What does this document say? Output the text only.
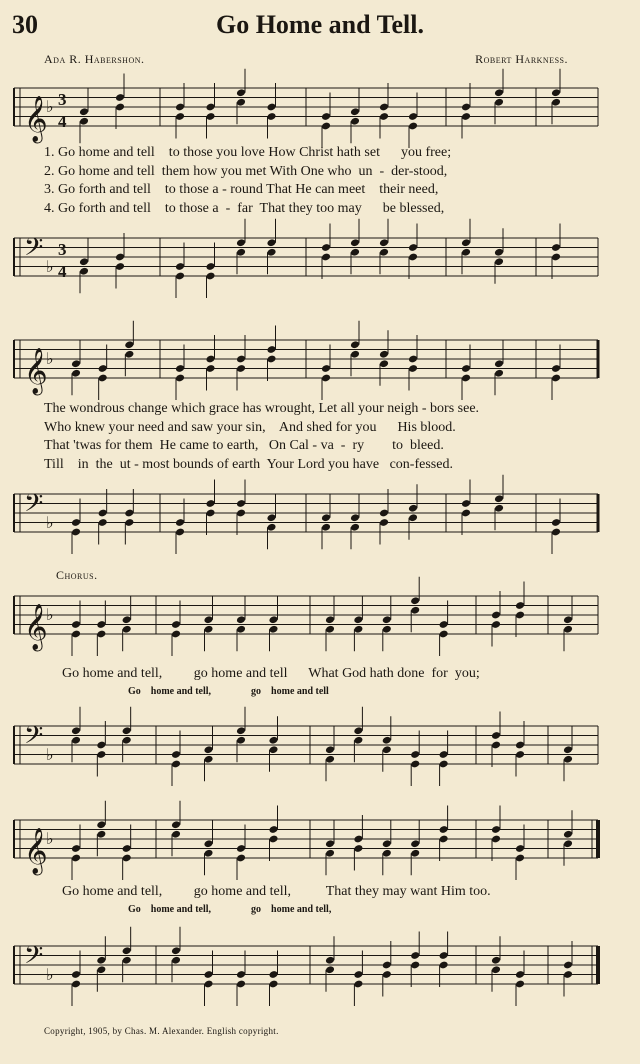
30	Go Home and Tell.
Ada R. Habershon.	Robert Harkness.
𝄞
♭ 3
4
1. Go home and tell    to those you love How Christ hath set      you free;
2. Go home and tell  them how you met With One who  un  -  der-stood,
3. Go forth and tell    to those a - round That He can meet    their need,
4. Go forth and tell    to those a  -  far  That they too may      be blessed,
𝄢 ♭
3
4
𝄞
♭
The wondrous change which grace has wrought, Let all your neigh - bors see.
Who knew your need and saw your sin,    And shed for you      His blood.
That 'twas for them  He came to earth,   On Cal - va  -  ry        to  bleed.
Till    in  the  ut - most bounds of earth  Your Lord you have   con-fessed.
𝄢 ♭
Chorus.
𝄞
♭
Go home and tell,         go home and tell      What God hath done  for  you;
Go    home and tell,                go    home and tell
𝄢 ♭
𝄞
♭
Go home and tell,         go home and tell,          That they may want Him too.
Go    home and tell,                go    home and tell,
𝄢 ♭
Copyright, 1905, by Chas. M. Alexander. English copyright.
